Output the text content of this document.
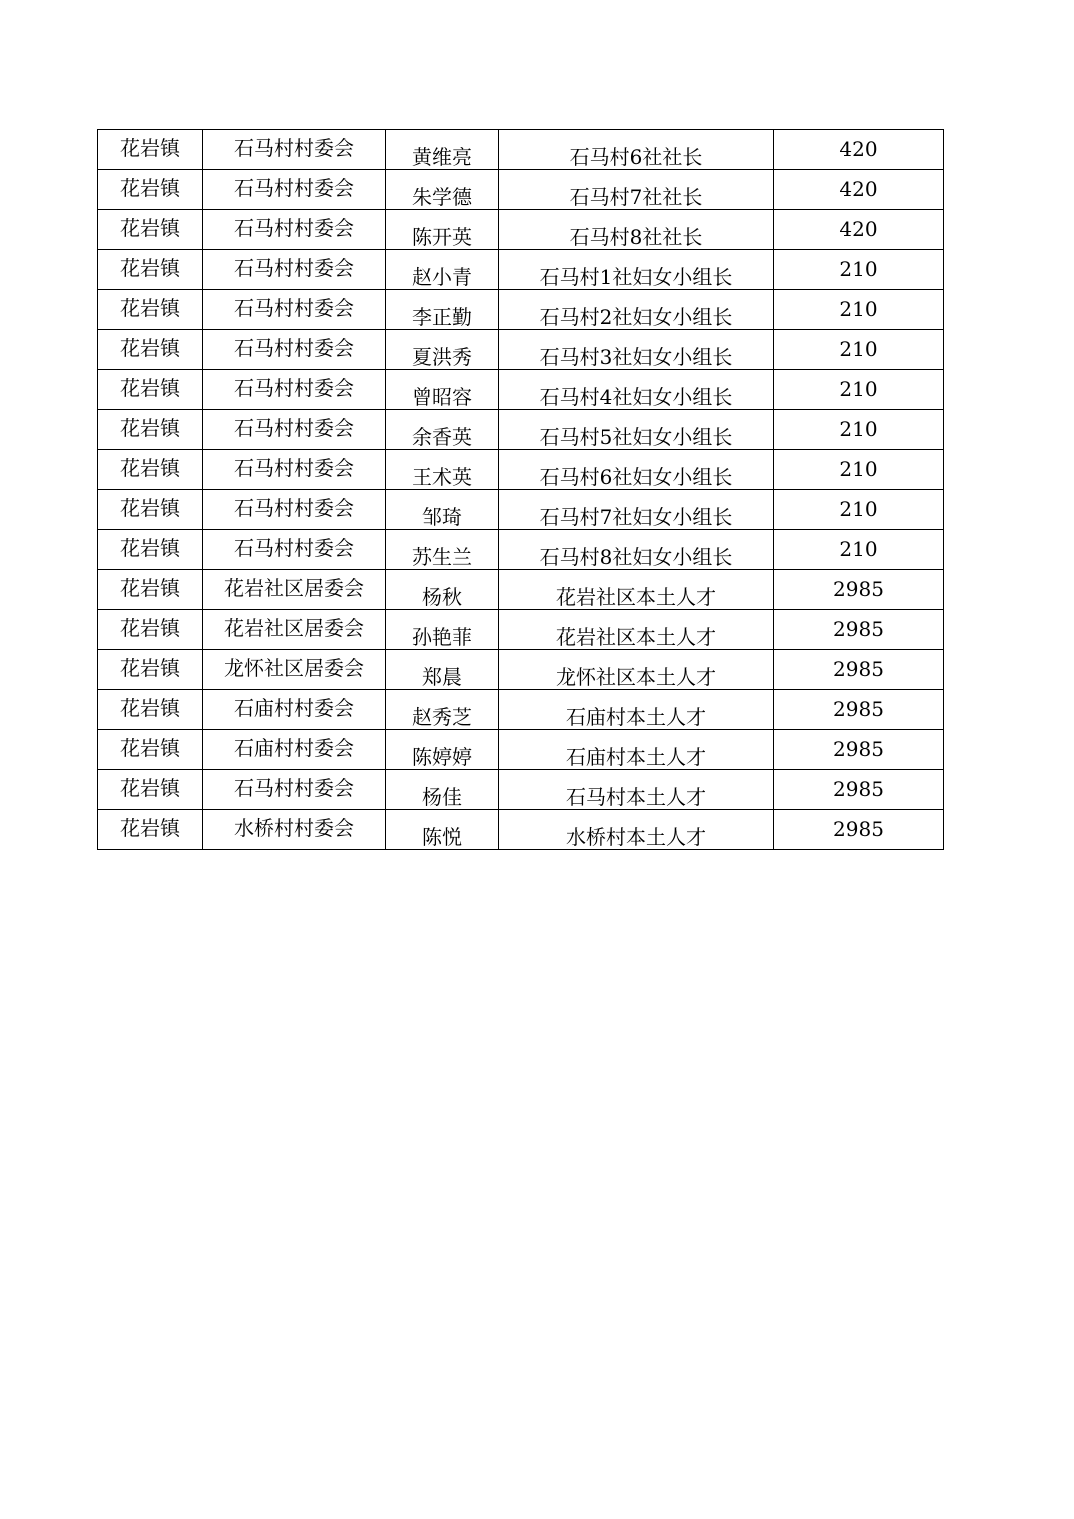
花岩镇	石马村村委会	黄维亮	石马村6社社长	420
花岩镇	石马村村委会	朱学德	石马村7社社长	420
花岩镇	石马村村委会	陈开英	石马村8社社长	420
花岩镇	石马村村委会	赵小青	石马村1社妇女小组长	210
花岩镇	石马村村委会	李正勤	石马村2社妇女小组长	210
花岩镇	石马村村委会	夏洪秀	石马村3社妇女小组长	210
花岩镇	石马村村委会	曾昭容	石马村4社妇女小组长	210
花岩镇	石马村村委会	余香英	石马村5社妇女小组长	210
花岩镇	石马村村委会	王术英	石马村6社妇女小组长	210
花岩镇	石马村村委会	邹琦	石马村7社妇女小组长	210
花岩镇	石马村村委会	苏生兰	石马村8社妇女小组长	210
花岩镇	花岩社区居委会	杨秋	花岩社区本土人才	2985
花岩镇	花岩社区居委会	孙艳菲	花岩社区本土人才	2985
花岩镇	龙怀社区居委会	郑晨	龙怀社区本土人才	2985
花岩镇	石庙村村委会	赵秀芝	石庙村本土人才	2985
花岩镇	石庙村村委会	陈婷婷	石庙村本土人才	2985
花岩镇	石马村村委会	杨佳	石马村本土人才	2985
花岩镇	水桥村村委会	陈悦	水桥村本土人才	2985
